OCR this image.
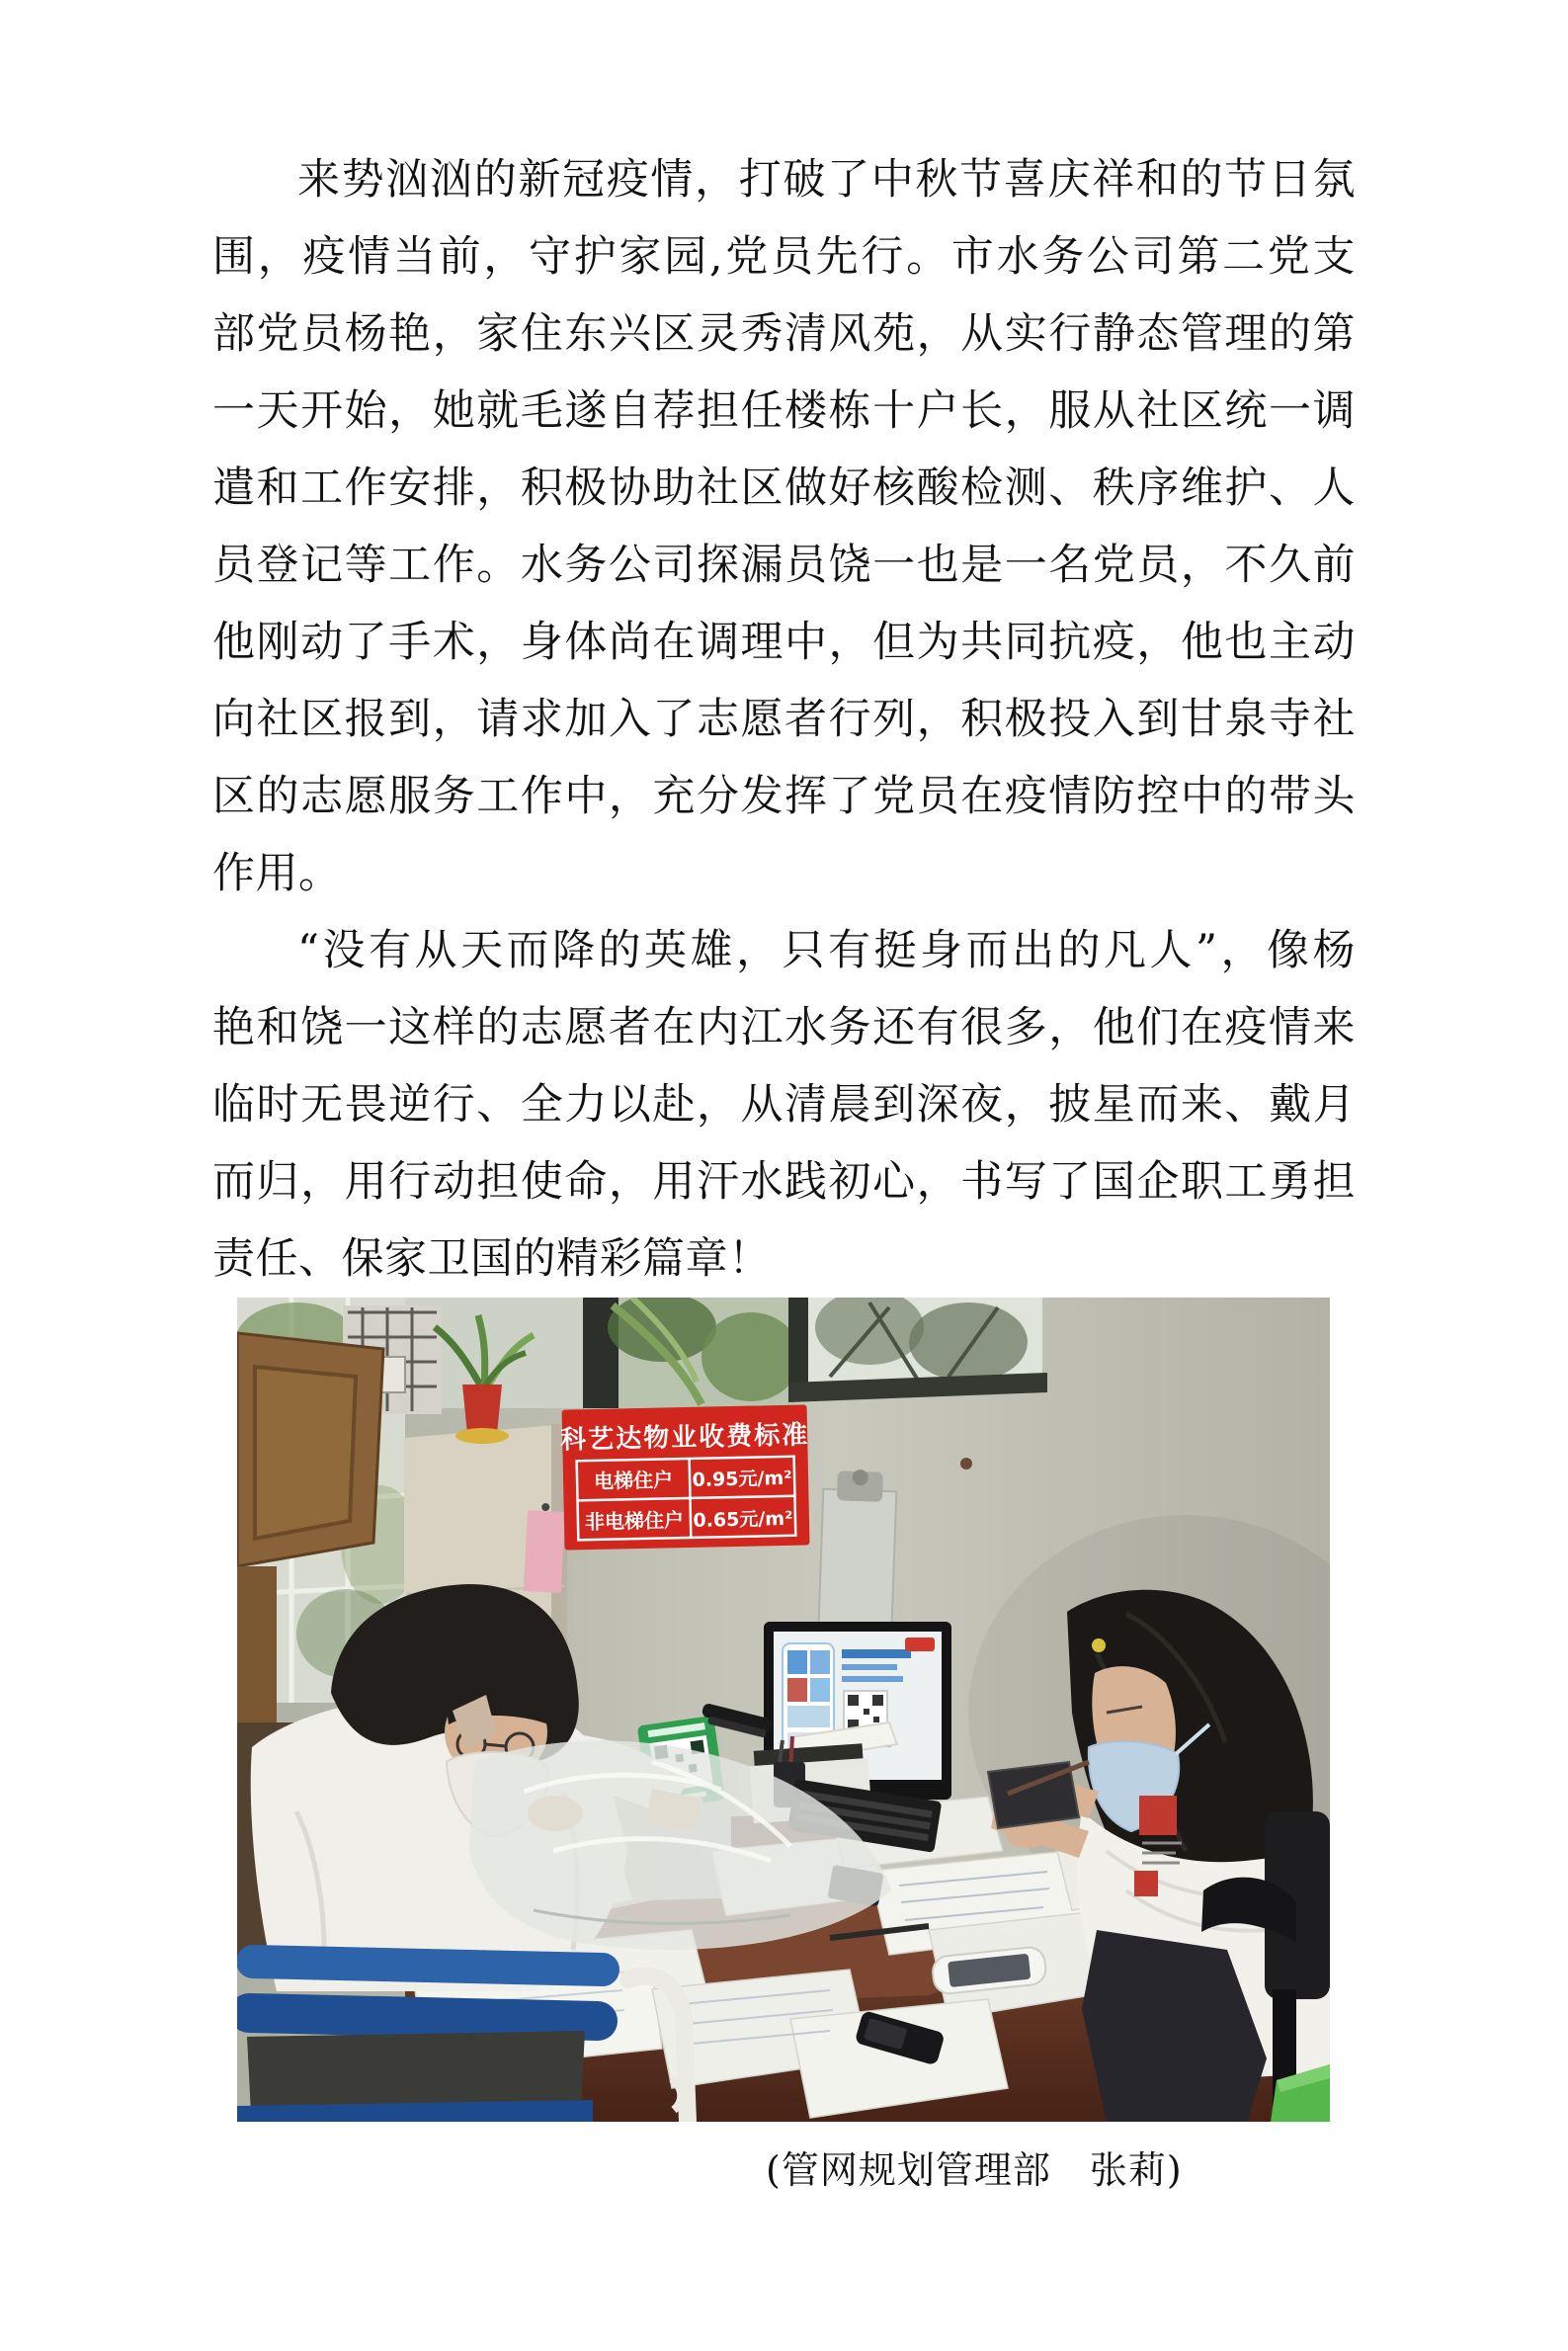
来势汹汹的新冠疫情，打破了中秋节喜庆祥和的节日氛
围，疫情当前，守护家园,党员先行。市水务公司第二党支
部党员杨艳，家住东兴区灵秀清风苑，从实行静态管理的第
一天开始，她就毛遂自荐担任楼栋十户长，服从社区统一调
遣和工作安排，积极协助社区做好核酸检测、秩序维护、人
员登记等工作。水务公司探漏员饶一也是一名党员，不久前
他刚动了手术，身体尚在调理中，但为共同抗疫，他也主动
向社区报到，请求加入了志愿者行列，积极投入到甘泉寺社
区的志愿服务工作中，充分发挥了党员在疫情防控中的带头
作用。
“没有从天而降的英雄，只有挺身而出的凡人”，像杨
艳和饶一这样的志愿者在内江水务还有很多，他们在疫情来
临时无畏逆行、全力以赴，从清晨到深夜，披星而来、戴月
而归，用行动担使命，用汗水践初心，书写了国企职工勇担
责任、保家卫国的精彩篇章！
科艺达物业收费标准
电梯住户 0.95元/m²
非电梯住户 0.65元/m²
(管网规划管理部　张莉)
